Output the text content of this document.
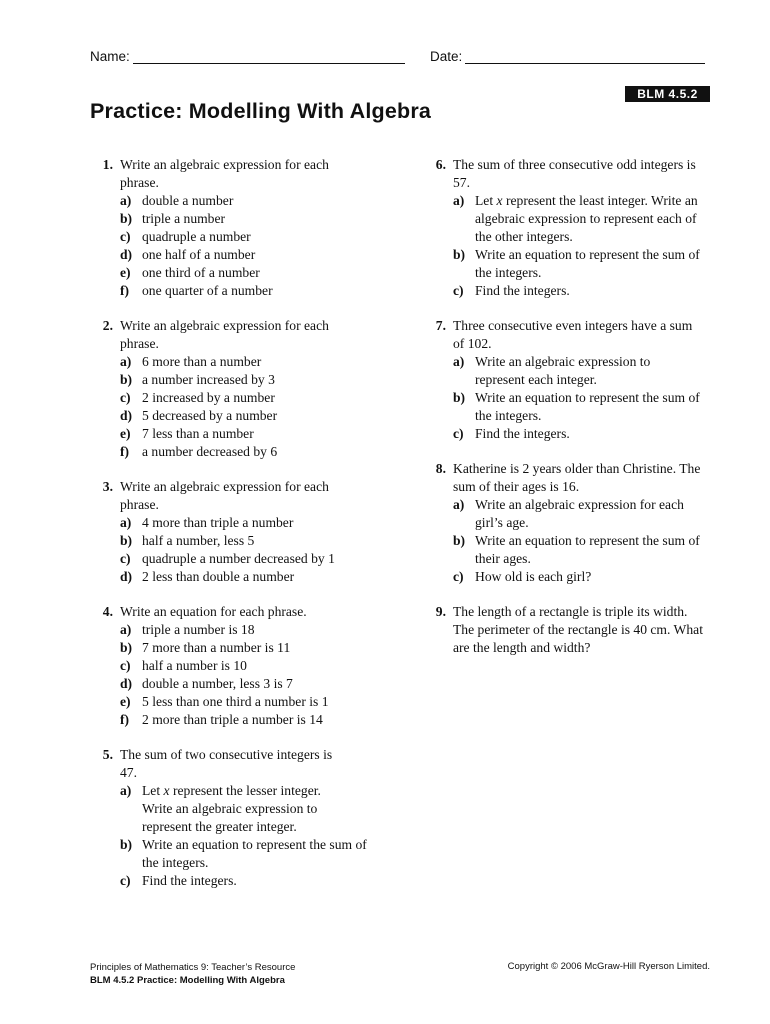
Name:	Date:
BLM 4.5.2
Practice: Modelling With Algebra
1. Write an algebraic expression for each phrase.
a) double a number
b) triple a number
c) quadruple a number
d) one half of a number
e) one third of a number
f) one quarter of a number
2. Write an algebraic expression for each phrase.
a) 6 more than a number
b) a number increased by 3
c) 2 increased by a number
d) 5 decreased by a number
e) 7 less than a number
f) a number decreased by 6
3. Write an algebraic expression for each phrase.
a) 4 more than triple a number
b) half a number, less 5
c) quadruple a number decreased by 1
d) 2 less than double a number
4. Write an equation for each phrase.
a) triple a number is 18
b) 7 more than a number is 11
c) half a number is 10
d) double a number, less 3 is 7
e) 5 less than one third a number is 1
f) 2 more than triple a number is 14
5. The sum of two consecutive integers is 47.
a) Let x represent the lesser integer. Write an algebraic expression to represent the greater integer.
b) Write an equation to represent the sum of the integers.
c) Find the integers.
6. The sum of three consecutive odd integers is 57.
a) Let x represent the least integer. Write an algebraic expression to represent each of the other integers.
b) Write an equation to represent the sum of the integers.
c) Find the integers.
7. Three consecutive even integers have a sum of 102.
a) Write an algebraic expression to represent each integer.
b) Write an equation to represent the sum of the integers.
c) Find the integers.
8. Katherine is 2 years older than Christine. The sum of their ages is 16.
a) Write an algebraic expression for each girl’s age.
b) Write an equation to represent the sum of their ages.
c) How old is each girl?
9. The length of a rectangle is triple its width. The perimeter of the rectangle is 40 cm. What are the length and width?
Principles of Mathematics 9: Teacher’s Resource
BLM 4.5.2 Practice: Modelling With Algebra
Copyright © 2006 McGraw-Hill Ryerson Limited.
